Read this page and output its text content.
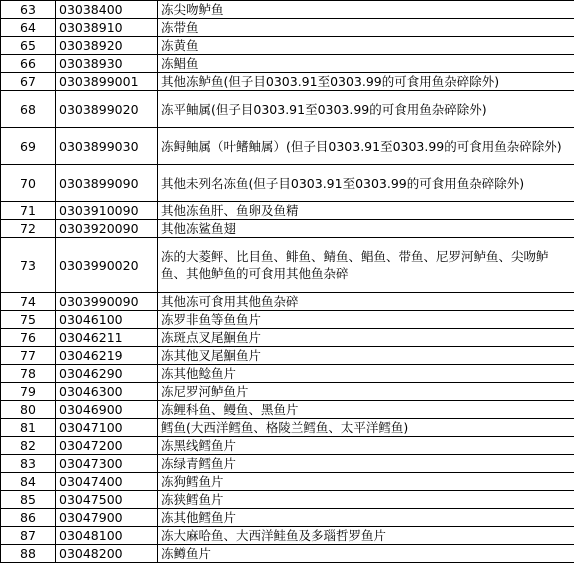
63	03038400	冻尖吻鲈鱼
64	03038910	冻带鱼
65	03038920	冻黄鱼
66	03038930	冻鲳鱼
67	0303899001	其他冻鲈鱼(但子目0303.91至0303.99的可食用鱼杂碎除外)
68	0303899020	冻平鲉属(但子目0303.91至0303.99的可食用鱼杂碎除外)
69	0303899030	冻鲟鲉属（叶鳍鲉属）(但子目0303.91至0303.99的可食用鱼杂碎除外)
70	0303899090	其他未列名冻鱼(但子目0303.91至0303.99的可食用鱼杂碎除外)
71	0303910090	其他冻鱼肝、鱼卵及鱼精
72	0303920090	其他冻鲨鱼翅
73	0303990020	冻的大菱鲆、比目鱼、鲱鱼、鲭鱼、鲳鱼、带鱼、尼罗河鲈鱼、尖吻鲈鱼、其他鲈鱼的可食用其他鱼杂碎
74	0303990090	其他冻可食用其他鱼杂碎
75	03046100	冻罗非鱼等鱼鱼片
76	03046211	冻斑点叉尾鮰鱼片
77	03046219	冻其他叉尾鮰鱼片
78	03046290	冻其他鲶鱼片
79	03046300	冻尼罗河鲈鱼片
80	03046900	冻鲤科鱼、鳗鱼、黑鱼片
81	03047100	鳕鱼(大西洋鳕鱼、格陵兰鳕鱼、太平洋鳕鱼)
82	03047200	冻黑线鳕鱼片
83	03047300	冻绿青鳕鱼片
84	03047400	冻狗鳕鱼片
85	03047500	冻狭鳕鱼片
86	03047900	冻其他鳕鱼片
87	03048100	冻大麻哈鱼、大西洋鲑鱼及多瑙哲罗鱼片
88	03048200	冻鳟鱼片
